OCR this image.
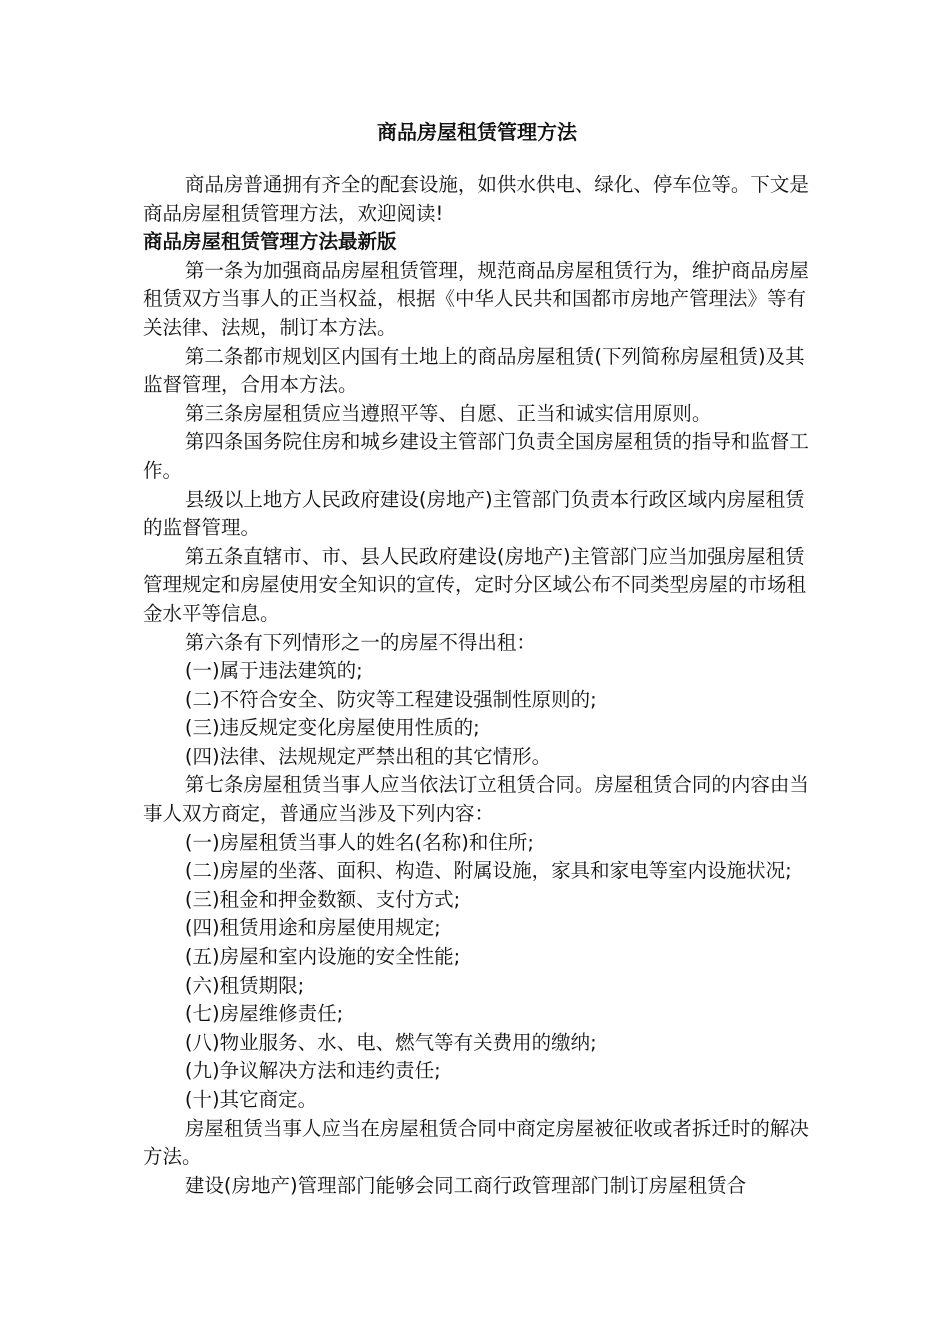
商品房屋租赁管理方法

商品房普通拥有齐全的配套设施，如供水供电、绿化、停车位等。下文是商品房屋租赁管理方法，欢迎阅读!

商品房屋租赁管理方法最新版

第一条为加强商品房屋租赁管理，规范商品房屋租赁行为，维护商品房屋租赁双方当事人的正当权益，根据《中华人民共和国都市房地产管理法》等有关法律、法规，制订本方法。

第二条都市规划区内国有土地上的商品房屋租赁(下列简称房屋租赁)及其监督管理，合用本方法。

第三条房屋租赁应当遵照平等、自愿、正当和诚实信用原则。

第四条国务院住房和城乡建设主管部门负责全国房屋租赁的指导和监督工作。

县级以上地方人民政府建设(房地产)主管部门负责本行政区域内房屋租赁的监督管理。

第五条直辖市、市、县人民政府建设(房地产)主管部门应当加强房屋租赁管理规定和房屋使用安全知识的宣传，定时分区域公布不同类型房屋的市场租金水平等信息。

第六条有下列情形之一的房屋不得出租：

(一)属于违法建筑的;

(二)不符合安全、防灾等工程建设强制性原则的;

(三)违反规定变化房屋使用性质的;

(四)法律、法规规定严禁出租的其它情形。

第七条房屋租赁当事人应当依法订立租赁合同。房屋租赁合同的内容由当事人双方商定，普通应当涉及下列内容：

(一)房屋租赁当事人的姓名(名称)和住所;

(二)房屋的坐落、面积、构造、附属设施，家具和家电等室内设施状况;

(三)租金和押金数额、支付方式;

(四)租赁用途和房屋使用规定;

(五)房屋和室内设施的安全性能;

(六)租赁期限;

(七)房屋维修责任;

(八)物业服务、水、电、燃气等有关费用的缴纳;

(九)争议解决方法和违约责任;

(十)其它商定。

房屋租赁当事人应当在房屋租赁合同中商定房屋被征收或者拆迁时的解决方法。

建设(房地产)管理部门能够会同工商行政管理部门制订房屋租赁合
